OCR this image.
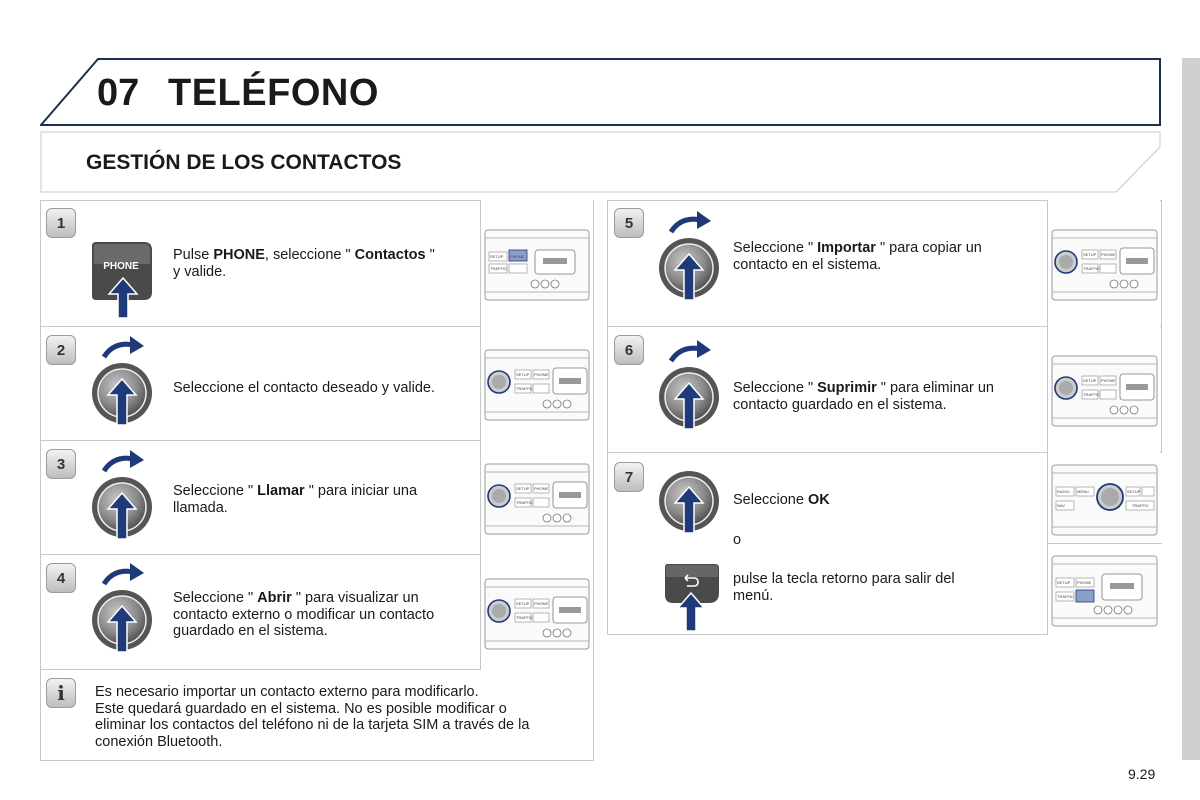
07 TELÉFONO
GESTIÓN DE LOS CONTACTOS
1
PHONE
Pulse PHONE, seleccione " Contactos "
y valide.
2
Seleccione el contacto deseado y valide.
3
Seleccione " Llamar " para iniciar una
llamada.
4
Seleccione " Abrir " para visualizar un
contacto externo o modificar un contacto
guardado en el sistema.
i	Es necesario importar un contacto externo para modificarlo.
Este quedará guardado en el sistema. No es posible modificar o
eliminar los contactos del teléfono ni de la tarjeta SIM a través de la
conexión Bluetooth.
SETUP PHONE
TRAFFIC
SETUP PHONE
TRAFFIC
SETUP PHONE
TRAFFIC
SETUP PHONE
TRAFFIC
5
Seleccione " Importar " para copiar un
contacto en el sistema.
6
Seleccione " Suprimir " para eliminar un
contacto guardado en el sistema.
7
Seleccione OK
o
pulse la tecla retorno para salir del
menú.
SETUP PHONE
TRAFFIC
SETUP PHONE
TRAFFIC
RADIO MENU
NAV
SETUP
TRAFFIC
SETUP PHONE
TRAFFIC
9.29
